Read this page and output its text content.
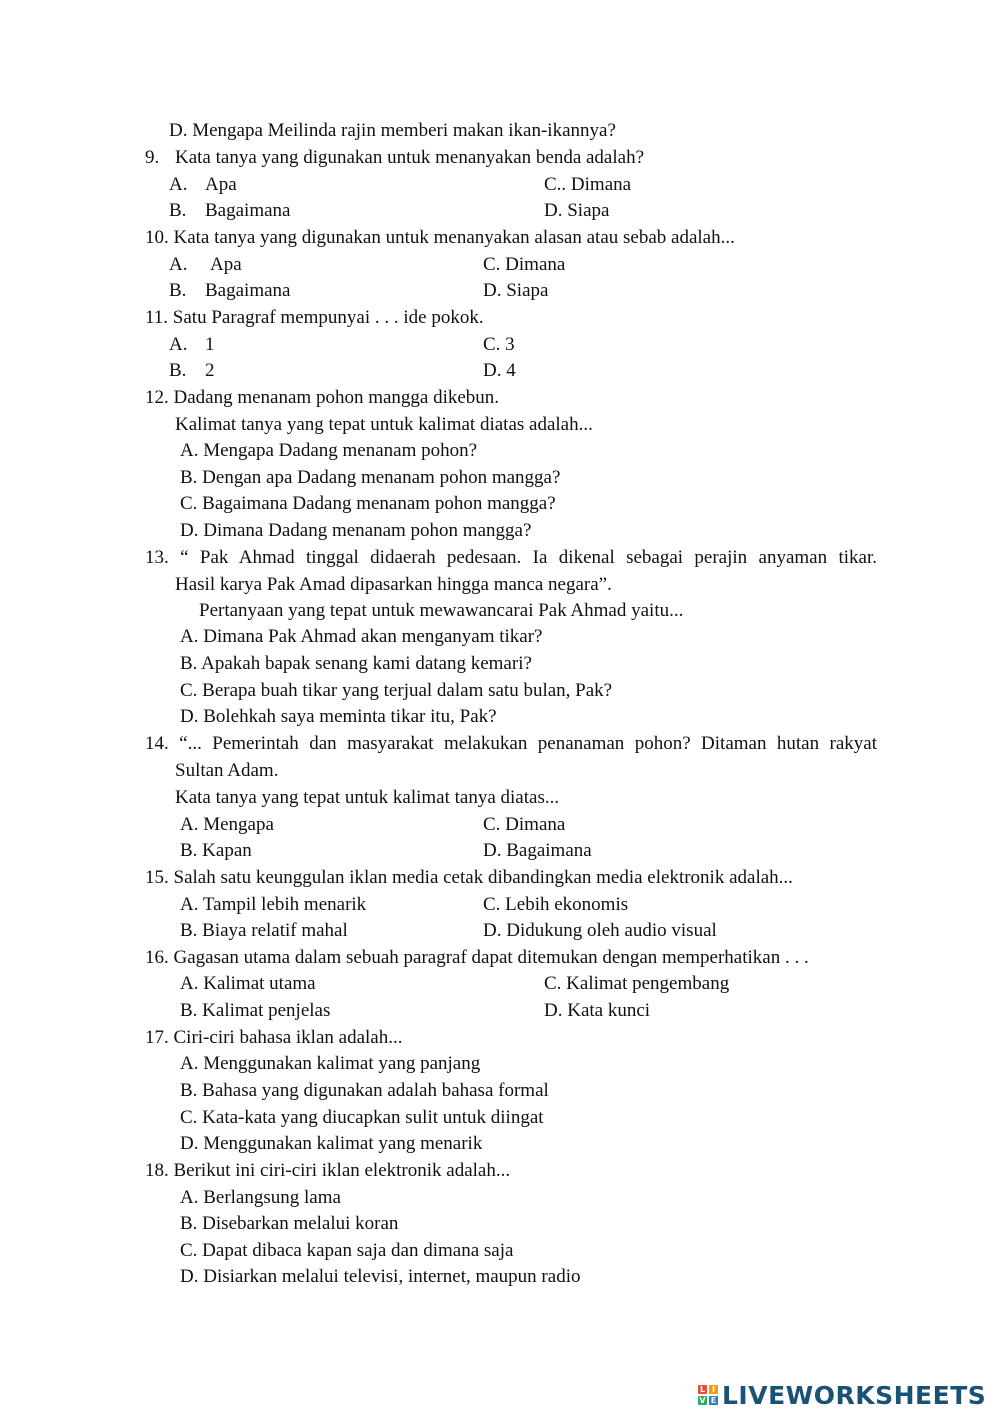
D. Mengapa Meilinda rajin memberi makan ikan-ikannya?
9. Kata tanya yang digunakan untuk menanyakan benda adalah?
A. Apa	C.. Dimana
B. Bagaimana	D. Siapa
10. Kata tanya yang digunakan untuk menanyakan alasan atau sebab adalah...
A. Apa	C. Dimana
B. Bagaimana	D. Siapa
11. Satu Paragraf mempunyai . . . ide pokok.
A. 1	C. 3
B. 2	D. 4
12. Dadang menanam pohon mangga dikebun.
Kalimat tanya yang tepat untuk kalimat diatas adalah...
A. Mengapa Dadang menanam pohon?
B. Dengan apa Dadang menanam pohon mangga?
C. Bagaimana Dadang menanam pohon mangga?
D. Dimana Dadang menanam pohon mangga?
13. “ Pak Ahmad tinggal didaerah pedesaan. Ia dikenal sebagai perajin anyaman tikar.
Hasil karya Pak Amad dipasarkan hingga manca negara”.
Pertanyaan yang tepat untuk mewawancarai Pak Ahmad yaitu...
A. Dimana Pak Ahmad akan menganyam tikar?
B. Apakah bapak senang kami datang kemari?
C. Berapa buah tikar yang terjual dalam satu bulan, Pak?
D. Bolehkah saya meminta tikar itu, Pak?
14. “... Pemerintah dan masyarakat melakukan penanaman pohon? Ditaman hutan rakyat
Sultan Adam.
Kata tanya yang tepat untuk kalimat tanya diatas...
A. Mengapa	C. Dimana
B. Kapan	D. Bagaimana
15. Salah satu keunggulan iklan media cetak dibandingkan media elektronik adalah...
A. Tampil lebih menarik	C. Lebih ekonomis
B. Biaya relatif mahal	D. Didukung oleh audio visual
16. Gagasan utama dalam sebuah paragraf dapat ditemukan dengan memperhatikan . . .
A. Kalimat utama	C. Kalimat pengembang
B. Kalimat penjelas	D. Kata kunci
17. Ciri-ciri bahasa iklan adalah...
A. Menggunakan kalimat yang panjang
B. Bahasa yang digunakan adalah bahasa formal
C. Kata-kata yang diucapkan sulit untuk diingat
D. Menggunakan kalimat yang menarik
18. Berikut ini ciri-ciri iklan elektronik adalah...
A. Berlangsung lama
B. Disebarkan melalui koran
C. Dapat dibaca kapan saja dan dimana saja
D. Disiarkan melalui televisi, internet, maupun radio
L I
V E LIVEWORKSHEETS
